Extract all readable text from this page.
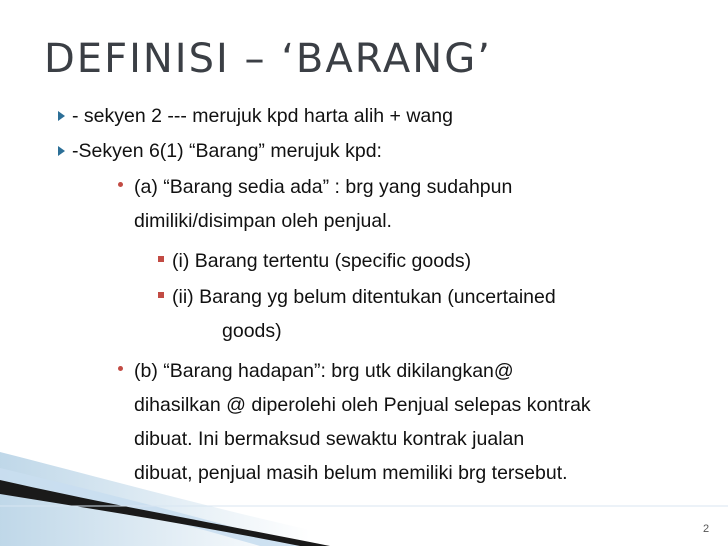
DEFINISI – ‘BARANG’
- sekyen 2 --- merujuk kpd harta alih + wang
-Sekyen 6(1) “Barang” merujuk kpd:
(a) “Barang sedia ada” : brg yang sudahpun
dimiliki/disimpan oleh penjual.
(i) Barang tertentu (specific goods)
(ii) Barang yg belum ditentukan (uncertained
goods)
(b) “Barang hadapan”: brg utk dikilangkan@
dihasilkan @ diperolehi oleh Penjual selepas kontrak
dibuat. Ini bermaksud sewaktu kontrak jualan
dibuat, penjual masih belum memiliki brg tersebut.
2
